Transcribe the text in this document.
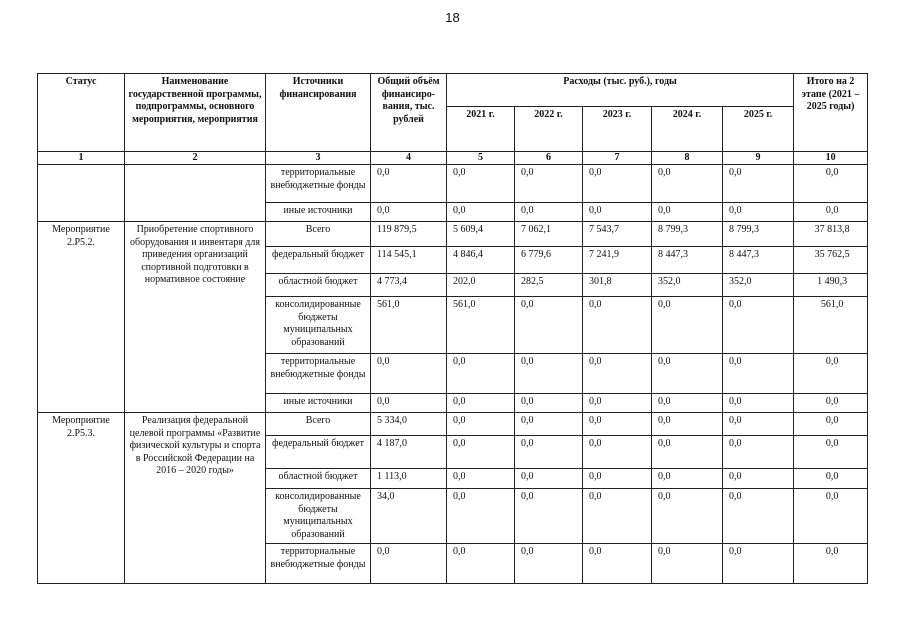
18
Статус	Наименование государственной программы, подпрограммы, основного мероприятия, мероприятия	Источники финансирования	Общий объём финансиро-вания, тыс. рублей	Расходы (тыс. руб.), годы					Итого на 2 этапе (2021 – 2025 годы)
				2021 г.	2022 г.	2023 г.	2024 г.	2025 г.	
1	2	3	4	5	6	7	8	9	10
		территориальные внебюджетные фонды	0,0	0,0	0,0	0,0	0,0	0,0	0,0
		иные источники	0,0	0,0	0,0	0,0	0,0	0,0	0,0
Мероприятие 2.P5.2.	Приобретение спортивного оборудования и инвентаря для приведения организаций спортивной подготовки в нормативное состояние	Всего	119 879,5	5 609,4	7 062,1	7 543,7	8 799,3	8 799,3	37 813,8
		федеральный бюджет	114 545,1	4 846,4	6 779,6	7 241,9	8 447,3	8 447,3	35 762,5
		областной бюджет	4 773,4	202,0	282,5	301,8	352,0	352,0	1 490,3
		консолидированные бюджеты муниципальных образований	561,0	561,0	0,0	0,0	0,0	0,0	561,0
		территориальные внебюджетные фонды	0,0	0,0	0,0	0,0	0,0	0,0	0,0
		иные источники	0,0	0,0	0,0	0,0	0,0	0,0	0,0
Мероприятие 2.P5.3.	Реализация федеральной целевой программы «Развитие физической культуры и спорта в Российской Федерации на 2016 – 2020 годы»	Всего	5 334,0	0,0	0,0	0,0	0,0	0,0	0,0
		федеральный бюджет	4 187,0	0,0	0,0	0,0	0,0	0,0	0,0
		областной бюджет	1 113,0	0,0	0,0	0,0	0,0	0,0	0,0
		консолидированные бюджеты муниципальных образований	34,0	0,0	0,0	0,0	0,0	0,0	0,0
		территориальные внебюджетные фонды	0,0	0,0	0,0	0,0	0,0	0,0	0,0
